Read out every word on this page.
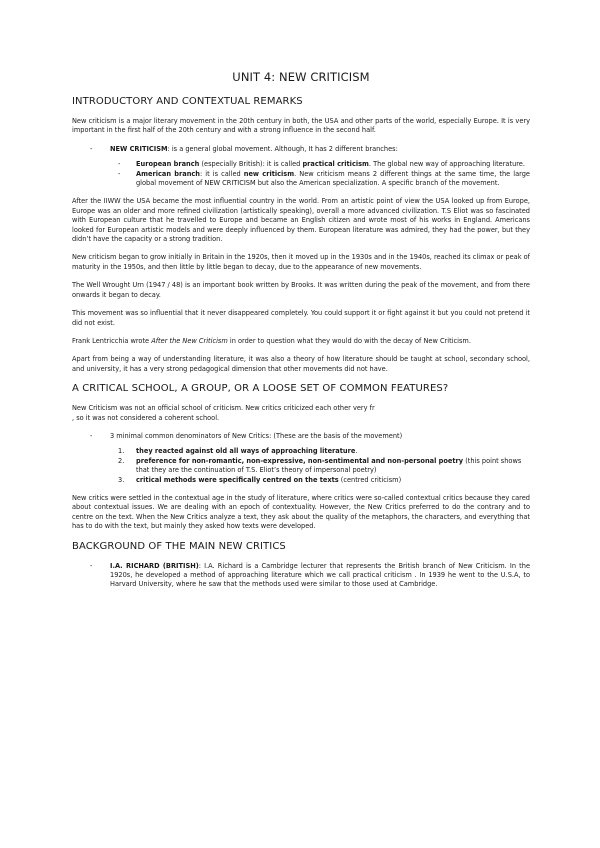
UNIT 4: NEW CRITICISM
INTRODUCTORY AND CONTEXTUAL REMARKS

New criticism is a major literary movement in the 20th century in both, the USA and other parts of the world, especially Europe. It is very important in the first half of the 20th century and with a strong influence in the second half.

-	NEW CRITICISM: is a general global movement. Although, It has 2 different branches:
-	European branch (especially British): it is called practical criticism. The global new way of approaching literature.
-	American branch: it is called new criticism. New criticism means 2 different things at the same time, the large global movement of NEW CRITICISM but also the American specialization. A specific branch of the movement.

After the IIWW the USA became the most influential country in the world. From an artistic point of view the USA looked up from Europe, Europe was an older and more refined civilization (artistically speaking), overall a more advanced civilization. T.S Eliot was so fascinated with European culture that he travelled to Europe and became an English citizen and wrote most of his works in England. Americans looked for European artistic models and were deeply influenced by them. European literature was admired, they had the power, but they didn’t have the capacity or a strong tradition.

New criticism began to grow initially in Britain in the 1920s, then it moved up in the 1930s and in the 1940s, reached its climax or peak of maturity in the 1950s, and then little by little began to decay, due to the appearance of new movements.

The Well Wrought Urn (1947 / 48) is an important book written by Brooks. It was written during the peak of the movement, and from there onwards it began to decay.

This movement was so influential that it never disappeared completely. You could support it or fight against it but you could not pretend it did not exist.

Frank Lentricchia wrote After the New Criticism in order to question what they would do with the decay of New Criticism.

Apart from being a way of understanding literature, it was also a theory of how literature should be taught at school, secondary school, and university, it has a very strong pedagogical dimension that other movements did not have.

A CRITICAL SCHOOL, A GROUP, OR A LOOSE SET OF COMMON FEATURES?

New Criticism was not an official school of criticism. New critics criticized each other very fr
, so it was not considered a coherent school.

-	3 minimal common denominators of New Critics: (These are the basis of the movement)
1.	they reacted against old all ways of approaching literature.
2.	preference for non-romantic, non-expressive, non-sentimental and non-personal poetry (this point shows that they are the continuation of T.S. Eliot’s theory of impersonal poetry)
3.	critical methods were specifically centred on the texts (centred criticism)

New critics were settled in the contextual age in the study of literature, where critics were so-called contextual critics because they cared about contextual issues. We are dealing with an epoch of contextuality. However, the New Critics preferred to do the contrary and to centre on the text. When the New Critics analyze a text, they ask about the quality of the metaphors, the characters, and everything that has to do with the text, but mainly they asked how texts were developed.

BACKGROUND OF THE MAIN NEW CRITICS
-	I.A. RICHARD (BRITISH): I.A. Richard is a Cambridge lecturer that represents the British branch of New Criticism. In the 1920s, he developed a method of approaching literature which we call practical criticism . In 1939 he went to the U.S.A, to Harvard University, where he saw that the methods used were similar to those used at Cambridge.
